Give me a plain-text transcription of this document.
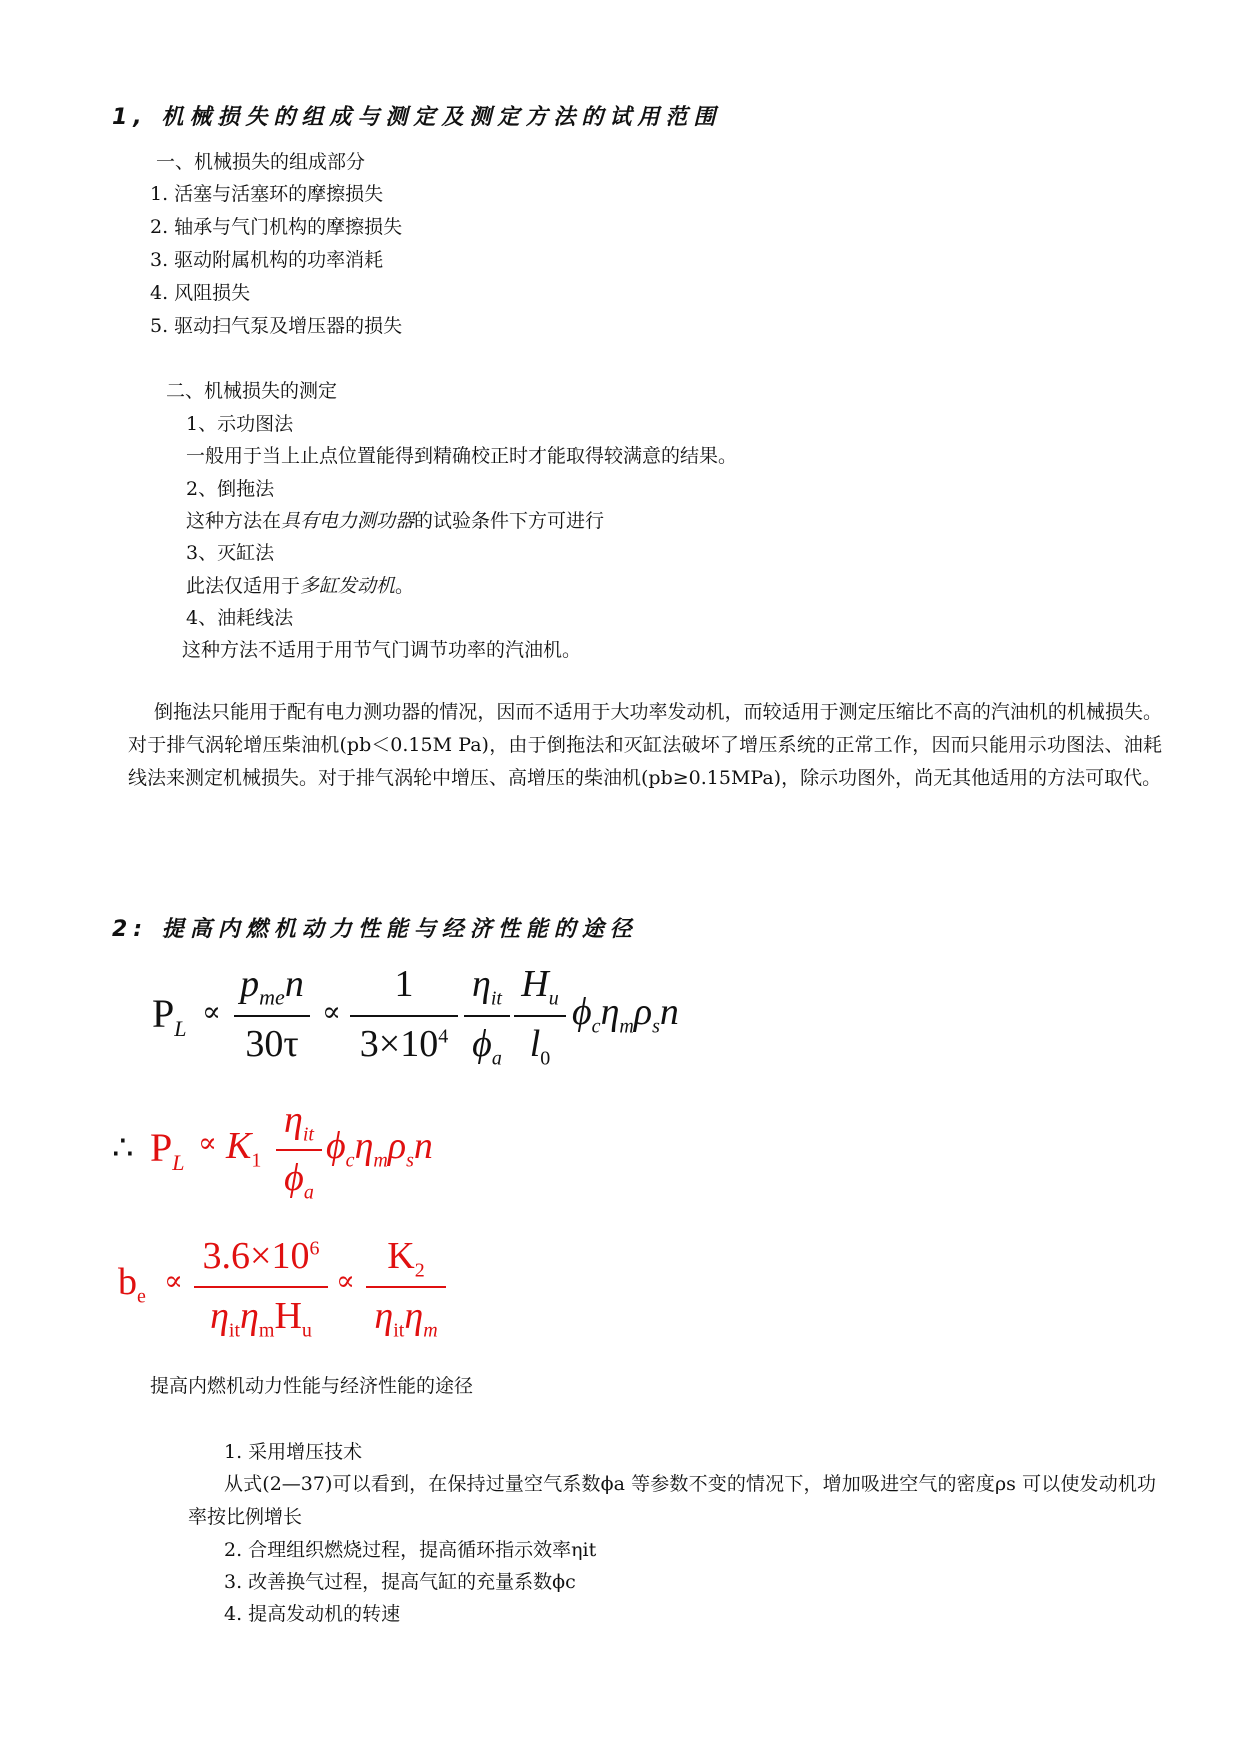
1, 机械损失的组成与测定及测定方法的试用范围
一、机械损失的组成部分
1. 活塞与活塞环的摩擦损失
2. 轴承与气门机构的摩擦损失
3. 驱动附属机构的功率消耗
4. 风阻损失
5. 驱动扫气泵及增压器的损失
二、机械损失的测定
1、示功图法
一般用于当上止点位置能得到精确校正时才能取得较满意的结果。
2、倒拖法
这种方法在具有电力测功器的试验条件下方可进行
3、灭缸法
此法仅适用于多缸发动机。
4、油耗线法
这种方法不适用于用节气门调节功率的汽油机。
倒拖法只能用于配有电力测功器的情况，因而不适用于大功率发动机，而较适用于测定压缩比不高的汽油机的机械损失。对于排气涡轮增压柴油机(pb＜0.15M Pa)，由于倒拖法和灭缸法破坏了增压系统的正常工作，因而只能用示功图法、油耗线法来测定机械损失。对于排气涡轮中增压、高增压的柴油机(pb≥0.15MPa)，除示功图外，尚无其他适用的方法可取代。
2: 提高内燃机动力性能与经济性能的途径
$P_L$
∝
$p_{me}n$
30τ
∝
1
$3\times 10^4$
$\eta_{it}$
$\phi_a$
$H_u$
$l_0$
$\phi_c\eta_m\rho_sn$
∴ $P_L$
∝ $K_1$
$\eta_{it}$
$\phi_a$
$\phi_c\eta_m\rho_sn$
$b_e$ ∝
$3.6\times 10^6$
$\eta_{it}\eta_mH_u$
∝
$K_2$
$\eta_{it}\eta_m$
提高内燃机动力性能与经济性能的途径
1. 采用增压技术
从式(2—37)可以看到，在保持过量空气系数ϕa 等参数不变的情况下，增加吸进空气的密度ρs 可以使发动机功率按比例增长
2. 合理组织燃烧过程，提高循环指示效率ηit
3. 改善换气过程，提高气缸的充量系数ϕc
4. 提高发动机的转速
